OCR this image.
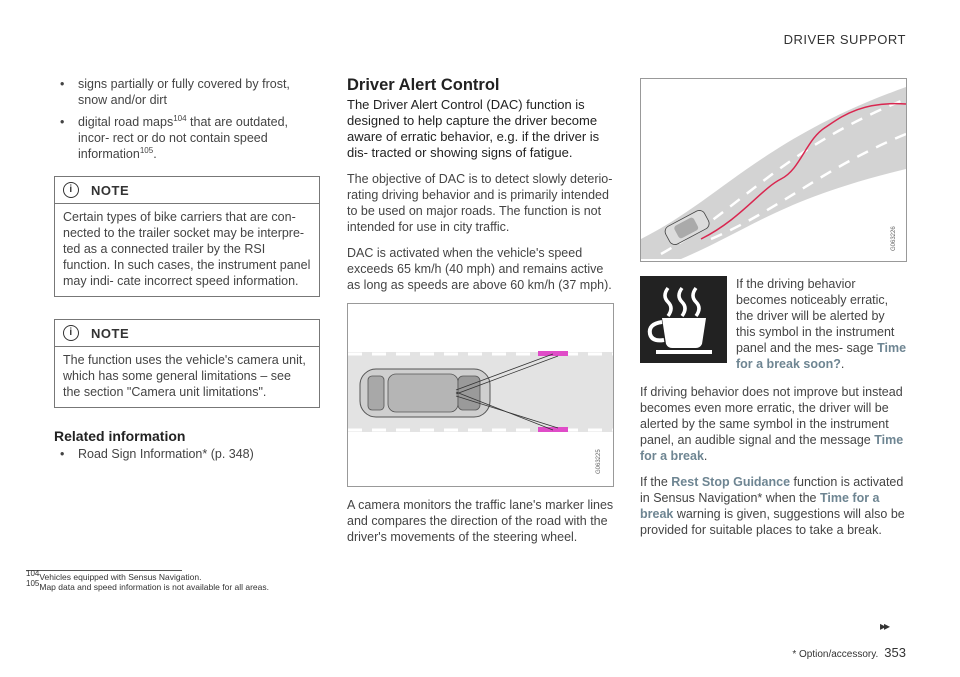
DRIVER SUPPORT
• signs partially or fully covered by frost, snow and/or dirt
• digital road maps$^{104}$ that are outdated, incor- rect or do not contain speed information$^{105}$.
i	NOTE
Certain types of bike carriers that are con- nected to the trailer socket may be interpre- ted as a connected trailer by the RSI function. In such cases, the instrument panel may indi- cate incorrect speed information.
i	NOTE
The function uses the vehicle's camera unit, which has some general limitations – see the section "Camera unit limitations".
Related information
• Road Sign Information* (p. 348)
Driver Alert Control

The Driver Alert Control (DAC) function is designed to help capture the driver become aware of erratic behavior, e.g. if the driver is dis- tracted or showing signs of fatigue.

The objective of DAC is to detect slowly deterio- rating driving behavior and is primarily intended to be used on major roads. The function is not intended for use in city traffic.

DAC is activated when the vehicle's speed exceeds 65 km/h (40 mph) and remains active as long as speeds are above 60 km/h (37 mph).

G063225

A camera monitors the traffic lane's marker lines and compares the direction of the road with the driver's movements of the steering wheel.

G063226
If the driving behavior becomes noticeably erratic, the driver will be alerted by this symbol in the instrument panel and the mes- sage Time for a break soon?.

If driving behavior does not improve but instead becomes even more erratic, the driver will be alerted by the same symbol in the instrument panel, an audible signal and the message Time for a break.

If the Rest Stop Guidance function is activated in Sensus Navigation* when the Time for a break warning is given, suggestions will also be provided for suitable places to take a break.

$^{104}$Vehicles equipped with Sensus Navigation.
$^{105}$Map data and speed information is not available for all areas.
▸▸
* Option/accessory. 353
